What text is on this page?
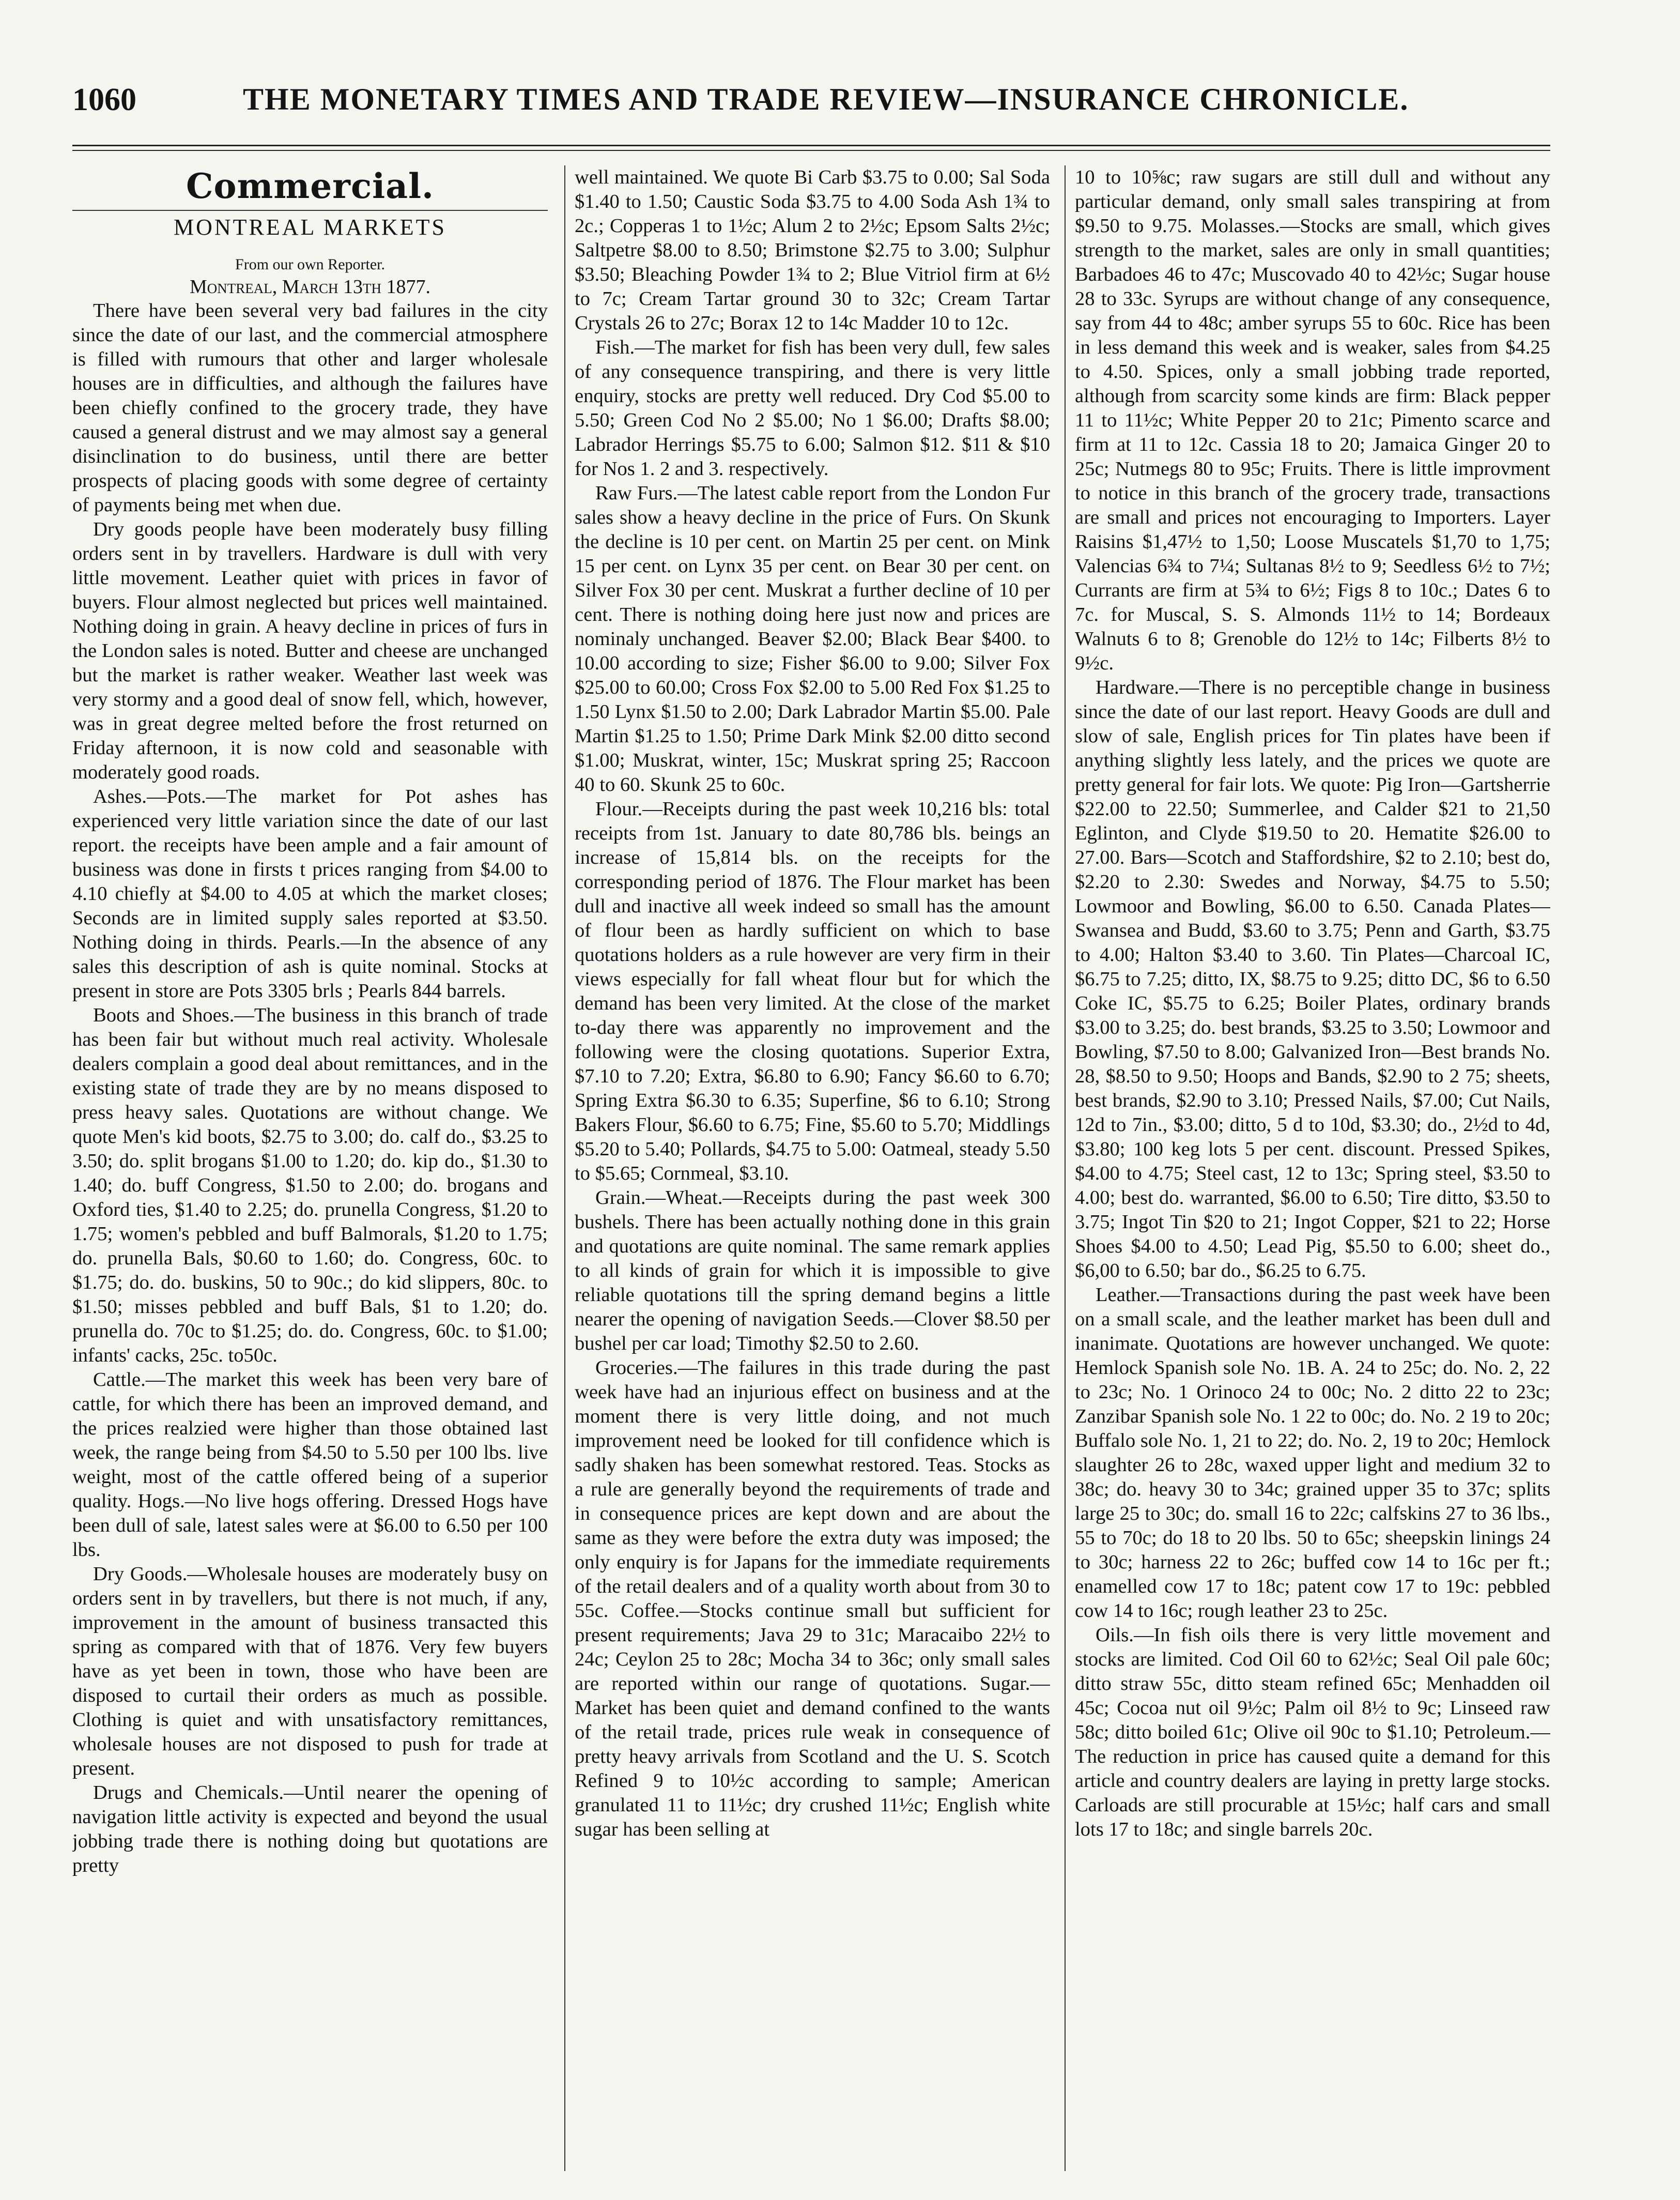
1060	THE MONETARY TIMES AND TRADE REVIEW—INSURANCE CHRONICLE.
Commercial.
MONTREAL MARKETS
From our own Reporter.
Montreal, March 13th 1877.

There have been several very bad failures in the city since the date of our last, and the commercial atmosphere is filled with rumours that other and larger wholesale houses are in difficulties, and although the failures have been chiefly confined to the grocery trade, they have caused a general distrust and we may almost say a general disinclination to do business, until there are better prospects of placing goods with some degree of certainty of payments being met when due.

Dry goods people have been moderately busy filling orders sent in by travellers. Hardware is dull with very little movement. Leather quiet with prices in favor of buyers. Flour almost neglected but prices well maintained. Nothing doing in grain. A heavy decline in prices of furs in the London sales is noted. Butter and cheese are unchanged but the market is rather weaker. Weather last week was very stormy and a good deal of snow fell, which, however, was in great degree melted before the frost returned on Friday afternoon, it is now cold and seasonable with moderately good roads.

Ashes.—Pots.—The market for Pot ashes has experienced very little variation since the date of our last report. the receipts have been ample and a fair amount of business was done in firsts t prices ranging from $4.00 to 4.10 chiefly at $4.00 to 4.05 at which the market closes; Seconds are in limited supply sales reported at $3.50. Nothing doing in thirds. Pearls.—In the absence of any sales this description of ash is quite nominal. Stocks at present in store are Pots 3305 brls ; Pearls 844 barrels.

Boots and Shoes.—The business in this branch of trade has been fair but without much real activity. Wholesale dealers complain a good deal about remittances, and in the existing state of trade they are by no means disposed to press heavy sales. Quotations are without change. We quote Men's kid boots, $2.75 to 3.00; do. calf do., $3.25 to 3.50; do. split brogans $1.00 to 1.20; do. kip do., $1.30 to 1.40; do. buff Congress, $1.50 to 2.00; do. brogans and Oxford ties, $1.40 to 2.25; do. prunella Congress, $1.20 to 1.75; women's pebbled and buff Balmorals, $1.20 to 1.75; do. prunella Bals, $0.60 to 1.60; do. Congress, 60c. to $1.75; do. do. buskins, 50 to 90c.; do kid slippers, 80c. to $1.50; misses pebbled and buff Bals, $1 to 1.20; do. prunella do. 70c to $1.25; do. do. Congress, 60c. to $1.00; infants' cacks, 25c. to50c.

Cattle.—The market this week has been very bare of cattle, for which there has been an improved demand, and the prices realzied were higher than those obtained last week, the range being from $4.50 to 5.50 per 100 lbs. live weight, most of the cattle offered being of a superior quality. Hogs.—No live hogs offering. Dressed Hogs have been dull of sale, latest sales were at $6.00 to 6.50 per 100 lbs.

Dry Goods.—Wholesale houses are moderately busy on orders sent in by travellers, but there is not much, if any, improvement in the amount of business transacted this spring as compared with that of 1876. Very few buyers have as yet been in town, those who have been are disposed to curtail their orders as much as possible. Clothing is quiet and with unsatisfactory remittances, wholesale houses are not disposed to push for trade at present.

Drugs and Chemicals.—Until nearer the opening of navigation little activity is expected and beyond the usual jobbing trade there is nothing doing but quotations are pretty

well maintained. We quote Bi Carb $3.75 to 0.00; Sal Soda $1.40 to 1.50; Caustic Soda $3.75 to 4.00 Soda Ash 1¾ to 2c.; Copperas 1 to 1½c; Alum 2 to 2½c; Epsom Salts 2½c; Saltpetre $8.00 to 8.50; Brimstone $2.75 to 3.00; Sulphur $3.50; Bleaching Powder 1¾ to 2; Blue Vitriol firm at 6½ to 7c; Cream Tartar ground 30 to 32c; Cream Tartar Crystals 26 to 27c; Borax 12 to 14c Madder 10 to 12c.

Fish.—The market for fish has been very dull, few sales of any consequence transpiring, and there is very little enquiry, stocks are pretty well reduced. Dry Cod $5.00 to 5.50; Green Cod No 2 $5.00; No 1 $6.00; Drafts $8.00; Labrador Herrings $5.75 to 6.00; Salmon $12. $11 & $10 for Nos 1. 2 and 3. respectively.

Raw Furs.—The latest cable report from the London Fur sales show a heavy decline in the price of Furs. On Skunk the decline is 10 per cent. on Martin 25 per cent. on Mink 15 per cent. on Lynx 35 per cent. on Bear 30 per cent. on Silver Fox 30 per cent. Muskrat a further decline of 10 per cent. There is nothing doing here just now and prices are nominaly unchanged. Beaver $2.00; Black Bear $400. to 10.00 according to size; Fisher $6.00 to 9.00; Silver Fox $25.00 to 60.00; Cross Fox $2.00 to 5.00 Red Fox $1.25 to 1.50 Lynx $1.50 to 2.00; Dark Labrador Martin $5.00. Pale Martin $1.25 to 1.50; Prime Dark Mink $2.00 ditto second $1.00; Muskrat, winter, 15c; Muskrat spring 25; Raccoon 40 to 60. Skunk 25 to 60c.

Flour.—Receipts during the past week 10,216 bls: total receipts from 1st. January to date 80,786 bls. beings an increase of 15,814 bls. on the receipts for the corresponding period of 1876. The Flour market has been dull and inactive all week indeed so small has the amount of flour been as hardly sufficient on which to base quotations holders as a rule however are very firm in their views especially for fall wheat flour but for which the demand has been very limited. At the close of the market to-day there was apparently no improvement and the following were the closing quotations. Superior Extra, $7.10 to 7.20; Extra, $6.80 to 6.90; Fancy $6.60 to 6.70; Spring Extra $6.30 to 6.35; Superfine, $6 to 6.10; Strong Bakers Flour, $6.60 to 6.75; Fine, $5.60 to 5.70; Middlings $5.20 to 5.40; Pollards, $4.75 to 5.00: Oatmeal, steady 5.50 to $5.65; Cornmeal, $3.10.

Grain.—Wheat.—Receipts during the past week 300 bushels. There has been actually nothing done in this grain and quotations are quite nominal. The same remark applies to all kinds of grain for which it is impossible to give reliable quotations till the spring demand begins a little nearer the opening of navigation Seeds.—Clover $8.50 per bushel per car load; Timothy $2.50 to 2.60.

Groceries.—The failures in this trade during the past week have had an injurious effect on business and at the moment there is very little doing, and not much improvement need be looked for till confidence which is sadly shaken has been somewhat restored. Teas. Stocks as a rule are generally beyond the requirements of trade and in consequence prices are kept down and are about the same as they were before the extra duty was imposed; the only enquiry is for Japans for the immediate requirements of the retail dealers and of a quality worth about from 30 to 55c. Coffee.—Stocks continue small but sufficient for present requirements; Java 29 to 31c; Maracaibo 22½ to 24c; Ceylon 25 to 28c; Mocha 34 to 36c; only small sales are reported within our range of quotations. Sugar.—Market has been quiet and demand confined to the wants of the retail trade, prices rule weak in consequence of pretty heavy arrivals from Scotland and the U. S. Scotch Refined 9 to 10½c according to sample; American granulated 11 to 11½c; dry crushed 11½c; English white sugar has been selling at

10 to 10⅝c; raw sugars are still dull and without any particular demand, only small sales transpiring at from $9.50 to 9.75. Molasses.—Stocks are small, which gives strength to the market, sales are only in small quantities; Barbadoes 46 to 47c; Muscovado 40 to 42½c; Sugar house 28 to 33c. Syrups are without change of any consequence, say from 44 to 48c; amber syrups 55 to 60c. Rice has been in less demand this week and is weaker, sales from $4.25 to 4.50. Spices, only a small jobbing trade reported, although from scarcity some kinds are firm: Black pepper 11 to 11½c; White Pepper 20 to 21c; Pimento scarce and firm at 11 to 12c. Cassia 18 to 20; Jamaica Ginger 20 to 25c; Nutmegs 80 to 95c; Fruits. There is little improvment to notice in this branch of the grocery trade, transactions are small and prices not encouraging to Importers. Layer Raisins $1,47½ to 1,50; Loose Muscatels $1,70 to 1,75; Valencias 6¾ to 7¼; Sultanas 8½ to 9; Seedless 6½ to 7½; Currants are firm at 5¾ to 6½; Figs 8 to 10c.; Dates 6 to 7c. for Muscal, S. S. Almonds 11½ to 14; Bordeaux Walnuts 6 to 8; Grenoble do 12½ to 14c; Filberts 8½ to 9½c.

Hardware.—There is no perceptible change in business since the date of our last report. Heavy Goods are dull and slow of sale, English prices for Tin plates have been if anything slightly less lately, and the prices we quote are pretty general for fair lots. We quote: Pig Iron—Gartsherrie $22.00 to 22.50; Summerlee, and Calder $21 to 21,50 Eglinton, and Clyde $19.50 to 20. Hematite $26.00 to 27.00. Bars—Scotch and Staffordshire, $2 to 2.10; best do, $2.20 to 2.30: Swedes and Norway, $4.75 to 5.50; Lowmoor and Bowling, $6.00 to 6.50. Canada Plates—Swansea and Budd, $3.60 to 3.75; Penn and Garth, $3.75 to 4.00; Halton $3.40 to 3.60. Tin Plates—Charcoal IC, $6.75 to 7.25; ditto, IX, $8.75 to 9.25; ditto DC, $6 to 6.50 Coke IC, $5.75 to 6.25; Boiler Plates, ordinary brands $3.00 to 3.25; do. best brands, $3.25 to 3.50; Lowmoor and Bowling, $7.50 to 8.00; Galvanized Iron—Best brands No. 28, $8.50 to 9.50; Hoops and Bands, $2.90 to 2 75; sheets, best brands, $2.90 to 3.10; Pressed Nails, $7.00; Cut Nails, 12d to 7in., $3.00; ditto, 5 d to 10d, $3.30; do., 2½d to 4d, $3.80; 100 keg lots 5 per cent. discount. Pressed Spikes, $4.00 to 4.75; Steel cast, 12 to 13c; Spring steel, $3.50 to 4.00; best do. warranted, $6.00 to 6.50; Tire ditto, $3.50 to 3.75; Ingot Tin $20 to 21; Ingot Copper, $21 to 22; Horse Shoes $4.00 to 4.50; Lead Pig, $5.50 to 6.00; sheet do., $6,00 to 6.50; bar do., $6.25 to 6.75.

Leather.—Transactions during the past week have been on a small scale, and the leather market has been dull and inanimate. Quotations are however unchanged. We quote: Hemlock Spanish sole No. 1B. A. 24 to 25c; do. No. 2, 22 to 23c; No. 1 Orinoco 24 to 00c; No. 2 ditto 22 to 23c; Zanzibar Spanish sole No. 1 22 to 00c; do. No. 2 19 to 20c; Buffalo sole No. 1, 21 to 22; do. No. 2, 19 to 20c; Hemlock slaughter 26 to 28c, waxed upper light and medium 32 to 38c; do. heavy 30 to 34c; grained upper 35 to 37c; splits large 25 to 30c; do. small 16 to 22c; calfskins 27 to 36 lbs., 55 to 70c; do 18 to 20 lbs. 50 to 65c; sheepskin linings 24 to 30c; harness 22 to 26c; buffed cow 14 to 16c per ft.; enamelled cow 17 to 18c; patent cow 17 to 19c: pebbled cow 14 to 16c; rough leather 23 to 25c.

Oils.—In fish oils there is very little movement and stocks are limited. Cod Oil 60 to 62½c; Seal Oil pale 60c; ditto straw 55c, ditto steam refined 65c; Menhadden oil 45c; Cocoa nut oil 9½c; Palm oil 8½ to 9c; Linseed raw 58c; ditto boiled 61c; Olive oil 90c to $1.10; Petroleum.—The reduction in price has caused quite a demand for this article and country dealers are laying in pretty large stocks. Carloads are still procurable at 15½c; half cars and small lots 17 to 18c; and single barrels 20c.
